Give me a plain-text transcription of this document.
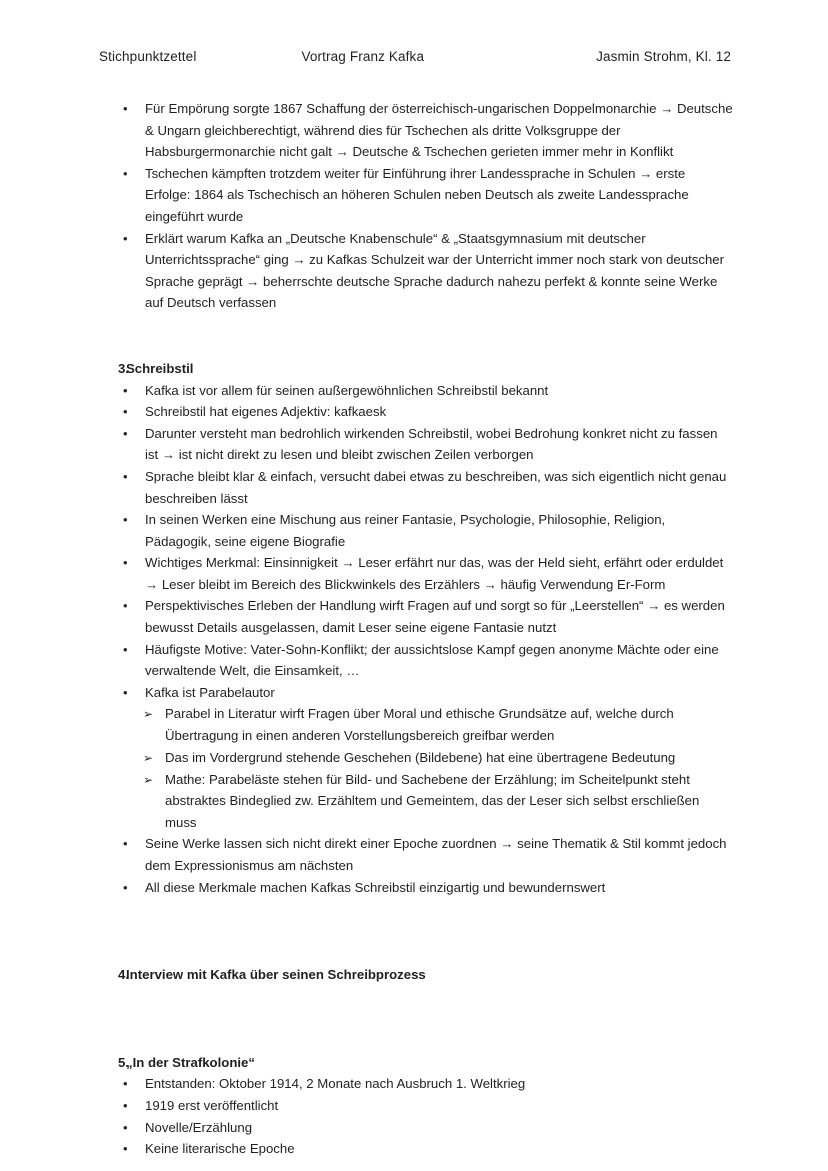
Stichpunktzettel	Vortrag Franz Kafka	Jasmin Strohm, Kl. 12
•
Für Empörung sorgte 1867 Schaffung der österreichisch-ungarischen Doppelmonarchie → Deutsche & Ungarn gleichberechtigt, während dies für Tschechen als dritte Volksgruppe der Habsburgermonarchie nicht galt → Deutsche & Tschechen gerieten immer mehr in Konflikt
•
Tschechen kämpften trotzdem weiter für Einführung ihrer Landessprache in Schulen → erste Erfolge: 1864 als Tschechisch an höheren Schulen neben Deutsch als zweite Landessprache eingeführt wurde
•
Erklärt warum Kafka an „Deutsche Knabenschule“ & „Staatsgymnasium mit deutscher Unterrichtssprache“ ging → zu Kafkas Schulzeit war der Unterricht immer noch stark von deutscher Sprache geprägt → beherrschte deutsche Sprache dadurch nahezu perfekt & konnte seine Werke auf Deutsch verfassen
3.
Schreibstil
•
Kafka ist vor allem für seinen außergewöhnlichen Schreibstil bekannt
•
Schreibstil hat eigenes Adjektiv: kafkaesk
•
Darunter versteht man bedrohlich wirkenden Schreibstil, wobei Bedrohung konkret nicht zu fassen ist → ist nicht direkt zu lesen und bleibt zwischen Zeilen verborgen
•
Sprache bleibt klar & einfach, versucht dabei etwas zu beschreiben, was sich eigentlich nicht genau beschreiben lässt
•
In seinen Werken eine Mischung aus reiner Fantasie, Psychologie, Philosophie, Religion, Pädagogik, seine eigene Biografie
•
Wichtiges Merkmal: Einsinnigkeit → Leser erfährt nur das, was der Held sieht, erfährt oder erduldet → Leser bleibt im Bereich des Blickwinkels des Erzählers → häufig Verwendung Er-Form
•
Perspektivisches Erleben der Handlung wirft Fragen auf und sorgt so für „Leerstellen“ → es werden bewusst Details ausgelassen, damit Leser seine eigene Fantasie nutzt
•
Häufigste Motive: Vater-Sohn-Konflikt; der aussichtslose Kampf gegen anonyme Mächte oder eine verwaltende Welt, die Einsamkeit, …
•
Kafka ist Parabelautor
➢
Parabel in Literatur wirft Fragen über Moral und ethische Grundsätze auf, welche durch Übertragung in einen anderen Vorstellungsbereich greifbar werden
➢
Das im Vordergrund stehende Geschehen (Bildebene) hat eine übertragene Bedeutung
➢
Mathe: Parabeläste stehen für Bild- und Sachebene der Erzählung; im Scheitelpunkt steht abstraktes Bindeglied zw. Erzähltem und Gemeintem, das der Leser sich selbst erschließen muss
•
Seine Werke lassen sich nicht direkt einer Epoche zuordnen → seine Thematik & Stil kommt jedoch dem Expressionismus am nächsten
•
All diese Merkmale machen Kafkas Schreibstil einzigartig und bewundernswert
4.
Interview mit Kafka über seinen Schreibprozess
5.
„In der Strafkolonie“
•
Entstanden: Oktober 1914, 2 Monate nach Ausbruch 1. Weltkrieg
•
1919 erst veröffentlicht
•
Novelle/Erzählung
•
Keine literarische Epoche
